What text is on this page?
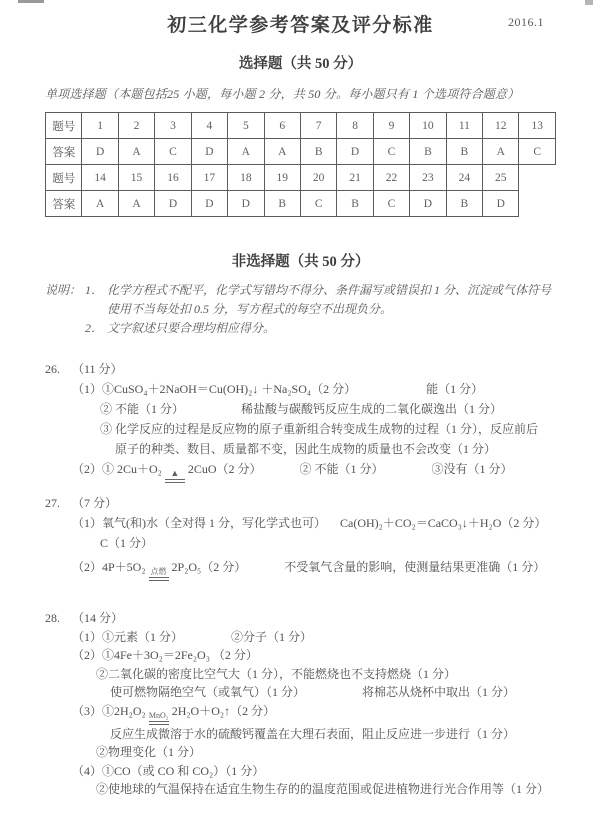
初三化学参考答案及评分标准	2016.1
选择题（共 50 分）
单项选择题（本题包括25 小题，每小题 2 分，共 50 分。每小题只有 1 个选项符合题意）
题号	1	2	3	4	5	6	7	8	9	10	11	12	13
答案	D	A	C	D	A	A	B	D	C	B	B	A	C
题号	14	15	16	17	18	19	20	21	22	23	24	25	
答案	A	A	D	D	D	B	C	B	C	D	B	D	
非选择题（共 50 分）
说明： 1． 化学方程式不配平，化学式写错均不得分、条件漏写或错误扣 1 分、沉淀或气体符号使用不当每处扣 0.5 分，写方程式的每空不出现负分。
2． 文字叙述只要合理均相应得分。
26. （11 分）
（1）①CuSO₄＋2NaOH＝Cu(OH)₂↓ ＋Na₂SO₄（2 分）	能（1 分）
② 不能（1 分）	稀盐酸与碳酸钙反应生成的二氧化碳逸出（1 分）
③ 化学反应的过程是反应物的原子重新组合转变成生成物的过程（1 分），反应前后
原子的种类、数目、质量都不变，因此生成物的质量也不会改变（1 分）
（2）① 2Cu＋O₂ ▲ 2CuO（2 分）	② 不能（1 分）	③没有（1 分）
27. （7 分）
（1）氧气(和)水（全对得 1 分，写化学式也可） Ca(OH)₂＋CO₂＝CaCO₃↓＋H₂O（2 分）
C（1 分）
（2）4P＋5O₂ 点燃 2P₂O₅（2 分）	不受氧气含量的影响，使测量结果更准确（1 分）
28. （14 分）
（1）①元素（1 分）	②分子（1 分）
（2）①4Fe＋3O₂＝2Fe₂O₃ （2 分）
②二氧化碳的密度比空气大（1 分），不能燃烧也不支持燃烧（1 分）
使可燃物隔绝空气（或氧气）（1 分）	将棉芯从烧杯中取出（1 分）
（3）①2H₂O₂ MnO₂ 2H₂O＋O₂↑（2 分）
反应生成微溶于水的硫酸钙覆盖在大理石表面，阻止反应进一步进行（1 分）
②物理变化（1 分）
（4）①CO（或 CO 和 CO₂）（1 分）
②使地球的气温保持在适宜生物生存的的温度范围或促进植物进行光合作用等（1 分）
